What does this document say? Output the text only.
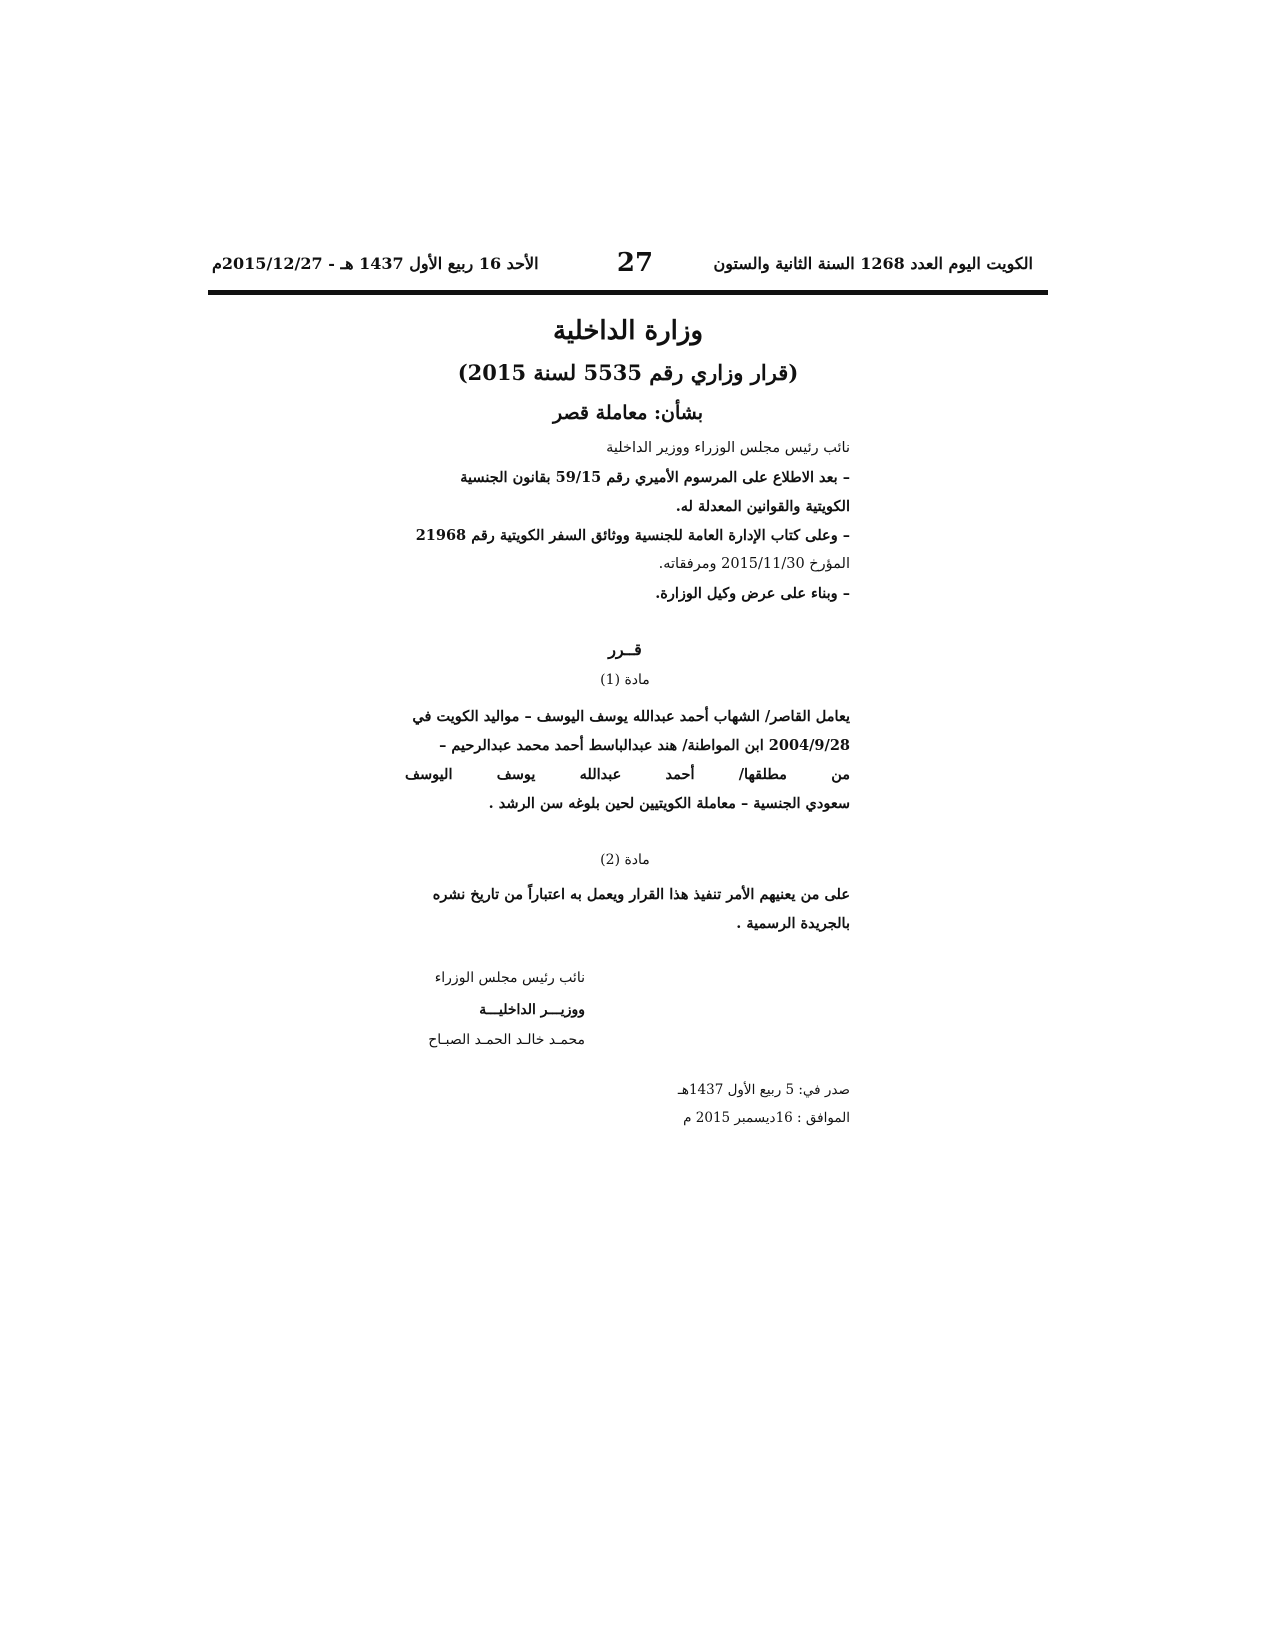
الكويت اليوم العدد 1268 السنة الثانية والستون
27
الأحد 16 ربيع الأول 1437 هـ - 2015/12/27م
وزارة الداخلية
(قرار وزاري رقم 5535 لسنة 2015)
بشأن: معاملة قصر
نائب رئيس مجلس الوزراء ووزير الداخلية
– بعد الاطلاع على المرسوم الأميري رقم 59/15 بقانون الجنسية
الكويتية والقوانين المعدلة له.
– وعلى كتاب الإدارة العامة للجنسية ووثائق السفر الكويتية رقم 21968
المؤرخ 2015/11/30 ومرفقاته.
– وبناء على عرض وكيل الوزارة.
قــرر
مادة (1)
يعامل القاصر/ الشهاب أحمد عبدالله يوسف اليوسف – مواليد الكويت في
2004/9/28 ابن المواطنة/ هند عبدالباسط أحمد محمد عبدالرحيم –
من مطلقها/ أحمد عبدالله يوسف اليوسف
سعودي الجنسية – معاملة الكويتيين لحين بلوغه سن الرشد .
مادة (2)
على من يعنيهم الأمر تنفيذ هذا القرار ويعمل به اعتباراً من تاريخ نشره
بالجريدة الرسمية .
نائب رئيس مجلس الوزراء
ووزيـــر الداخليـــة
محمـد خالـد الحمـد الصبـاح
صدر في: 5 ربيع الأول 1437هـ
الموافق : 16ديسمبر 2015 م
